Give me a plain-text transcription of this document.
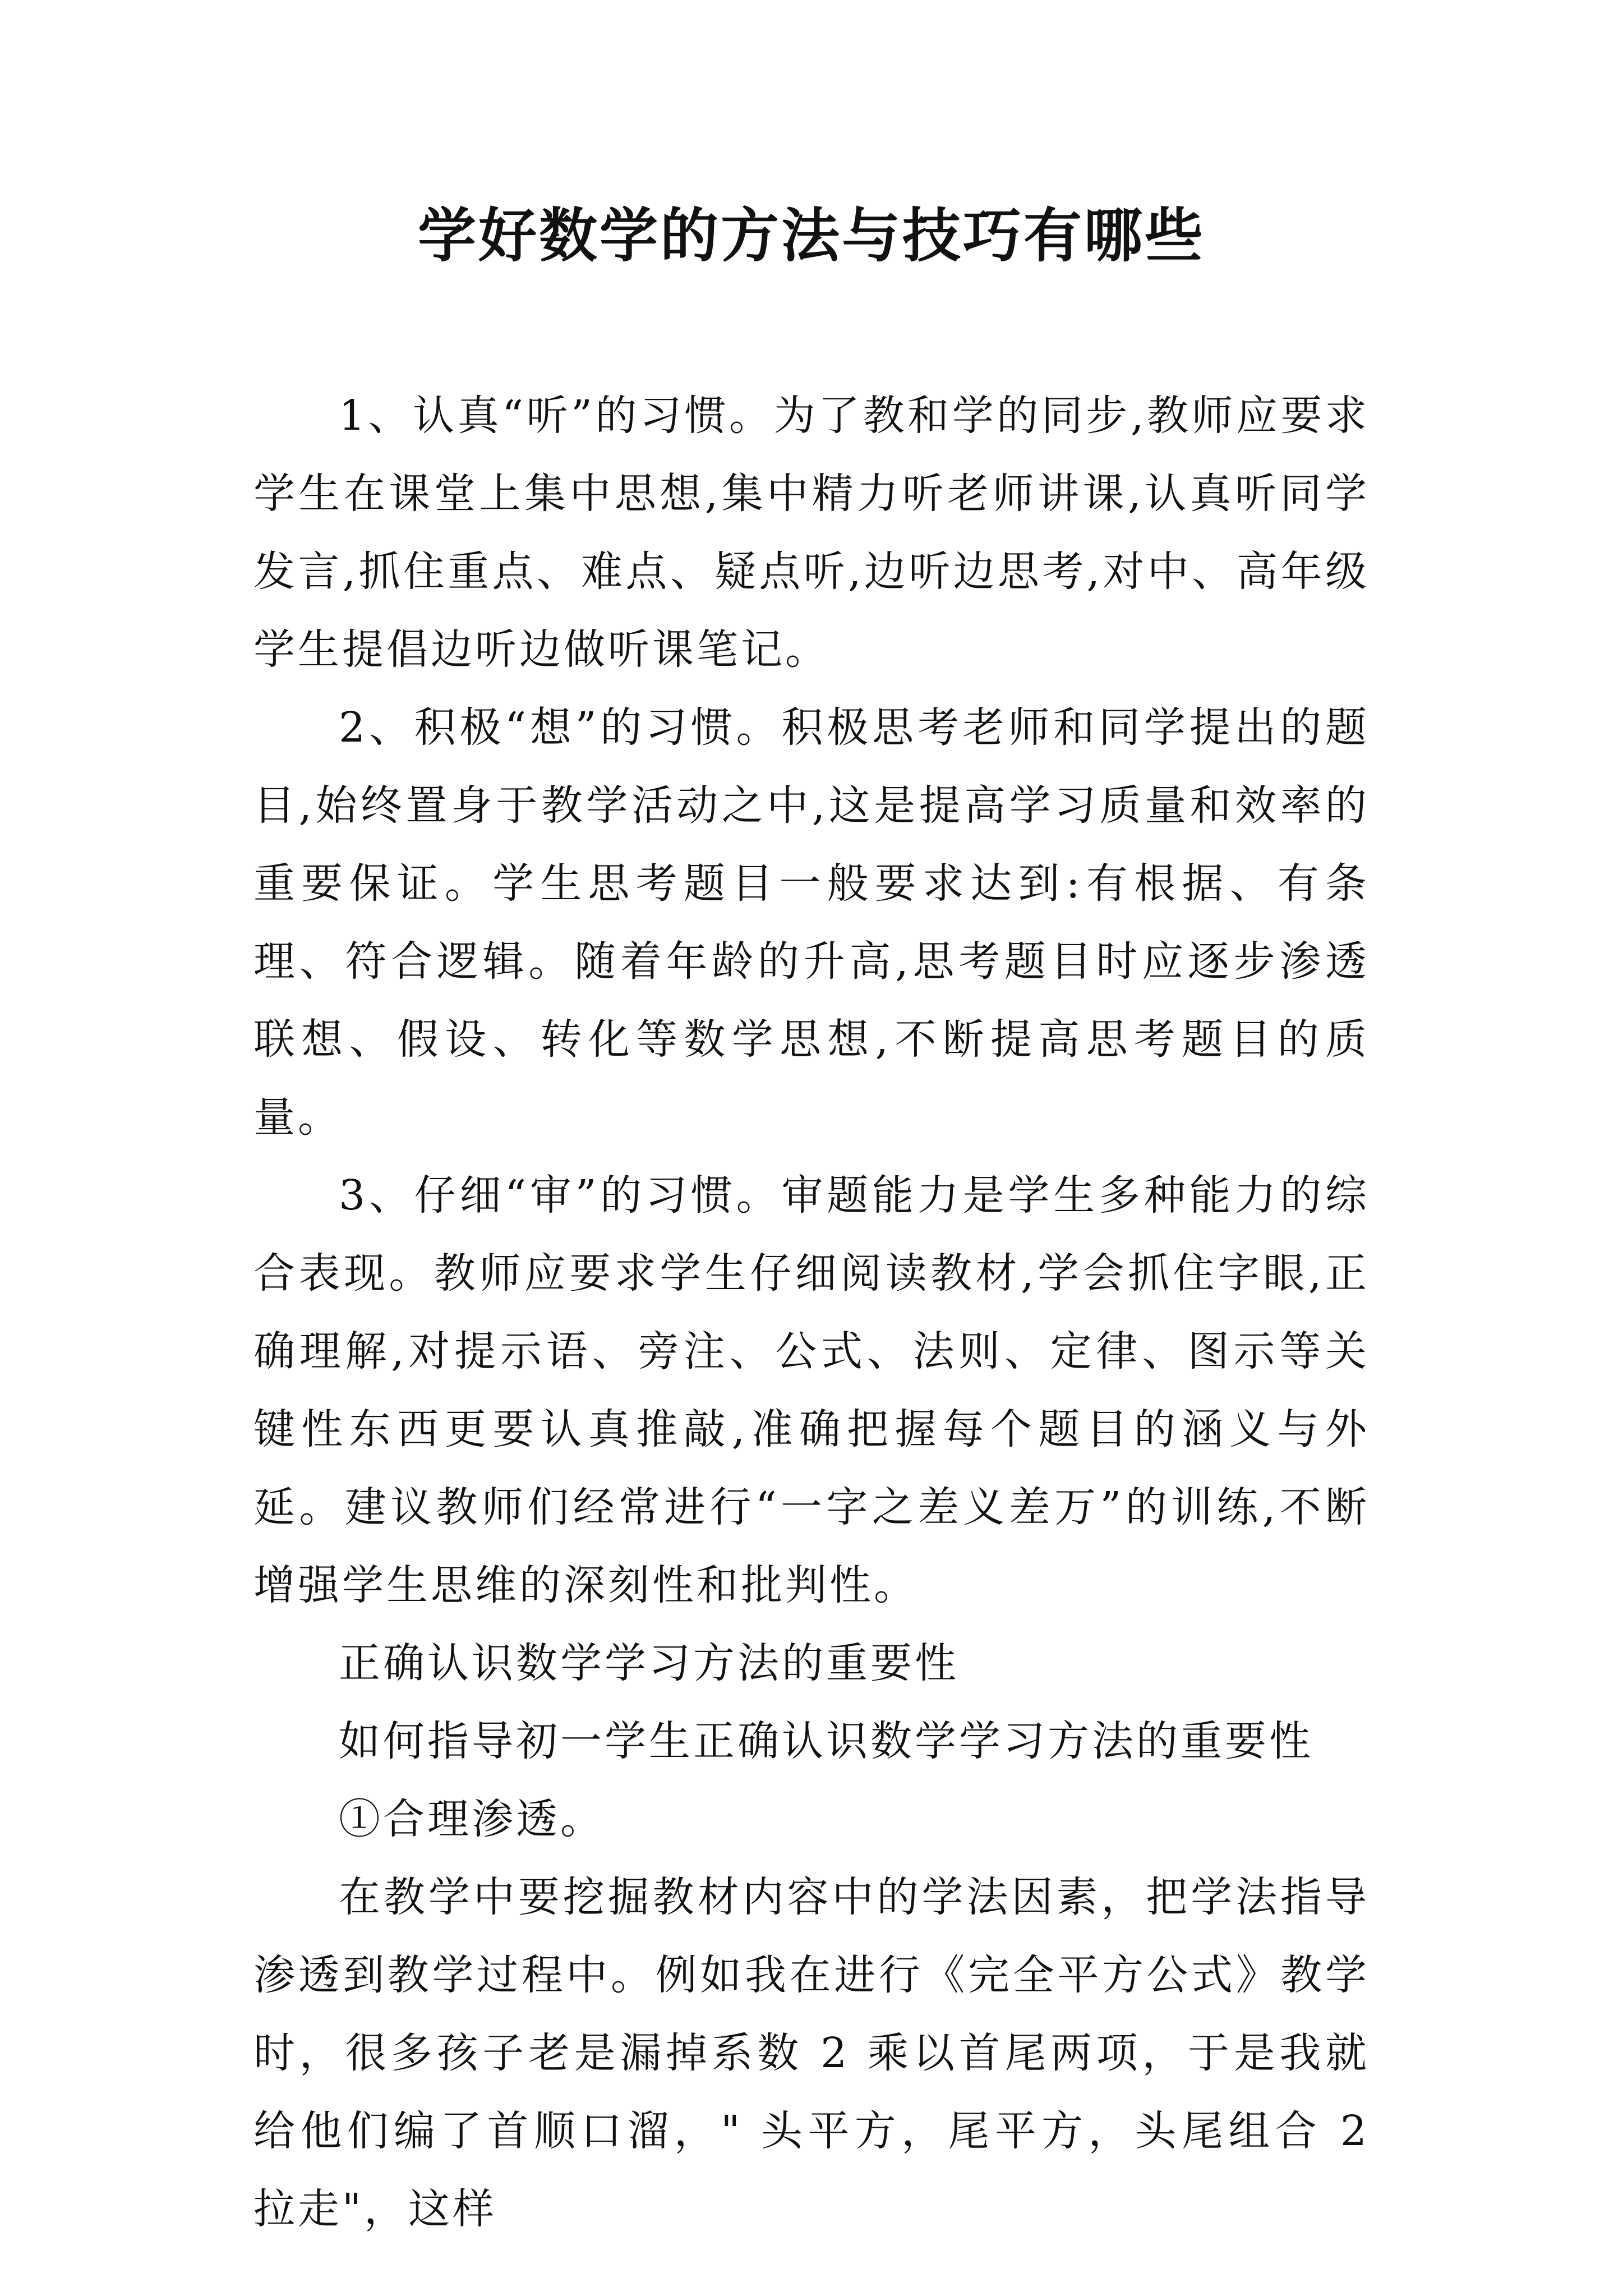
学好数学的方法与技巧有哪些

1、认真“听”的习惯。为了教和学的同步,教师应要求学生在课堂上集中思想,集中精力听老师讲课,认真听同学发言,抓住重点、难点、疑点听,边听边思考,对中、高年级学生提倡边听边做听课笔记。

2、积极“想”的习惯。积极思考老师和同学提出的题目,始终置身于教学活动之中,这是提高学习质量和效率的重要保证。学生思考题目一般要求达到:有根据、有条理、符合逻辑。随着年龄的升高,思考题目时应逐步渗透联想、假设、转化等数学思想,不断提高思考题目的质量。

3、仔细“审”的习惯。审题能力是学生多种能力的综合表现。教师应要求学生仔细阅读教材,学会抓住字眼,正确理解,对提示语、旁注、公式、法则、定律、图示等关键性东西更要认真推敲,准确把握每个题目的涵义与外延。建议教师们经常进行“一字之差义差万”的训练,不断增强学生思维的深刻性和批判性。

正确认识数学学习方法的重要性

如何指导初一学生正确认识数学学习方法的重要性

①合理渗透。

在教学中要挖掘教材内容中的学法因素，把学法指导渗透到教学过程中。例如我在进行《完全平方公式》教学时，很多孩子老是漏掉系数 2 乘以首尾两项，于是我就给他们编了首顺口溜，" 头平方，尾平方，头尾组合 2 拉走"，这样
